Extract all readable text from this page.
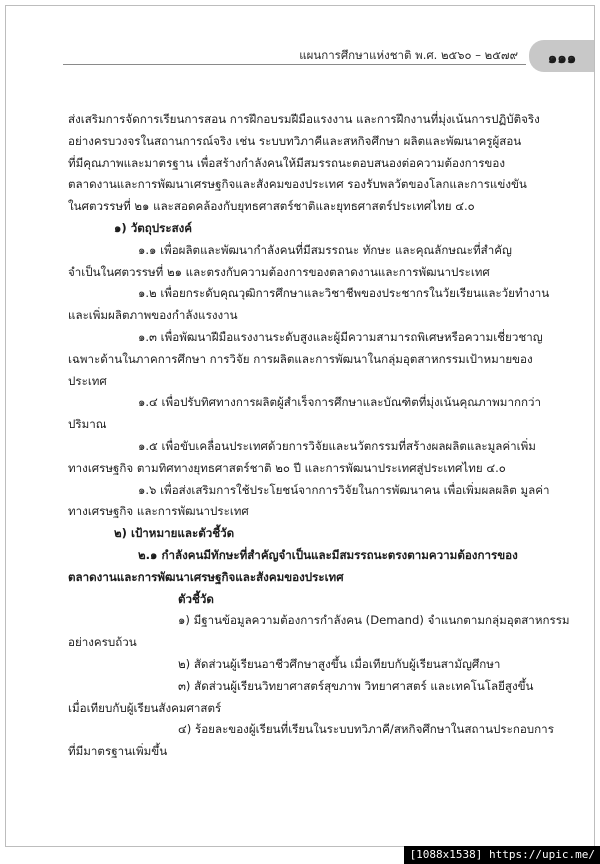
แผนการศึกษาแห่งชาติ พ.ศ. ๒๕๖๐ – ๒๕๗๙	๑๑๑

ส่งเสริมการจัดการเรียนการสอน การฝึกอบรมฝีมือแรงงาน และการฝึกงานที่มุ่งเน้นการปฏิบัติจริง

อย่างครบวงจรในสถานการณ์จริง เช่น ระบบทวิภาคีและสหกิจศึกษา ผลิตและพัฒนาครูผู้สอน

ที่มีคุณภาพและมาตรฐาน เพื่อสร้างกำลังคนให้มีสมรรถนะตอบสนองต่อความต้องการของ

ตลาดงานและการพัฒนาเศรษฐกิจและสังคมของประเทศ รองรับพลวัตของโลกและการแข่งขัน

ในศตวรรษที่ ๒๑ และสอดคล้องกับยุทธศาสตร์ชาติและยุทธศาสตร์ประเทศไทย ๔.๐

๑) วัตถุประสงค์

๑.๑ เพื่อผลิตและพัฒนากำลังคนที่มีสมรรถนะ ทักษะ และคุณลักษณะที่สำคัญ

จำเป็นในศตวรรษที่ ๒๑ และตรงกับความต้องการของตลาดงานและการพัฒนาประเทศ

๑.๒ เพื่อยกระดับคุณวุฒิการศึกษาและวิชาชีพของประชากรในวัยเรียนและวัยทำงาน

และเพิ่มผลิตภาพของกำลังแรงงาน

๑.๓ เพื่อพัฒนาฝีมือแรงงานระดับสูงและผู้มีความสามารถพิเศษหรือความเชี่ยวชาญ

เฉพาะด้านในภาคการศึกษา การวิจัย การผลิตและการพัฒนาในกลุ่มอุตสาหกรรมเป้าหมายของ

ประเทศ

๑.๔ เพื่อปรับทิศทางการผลิตผู้สำเร็จการศึกษาและบัณฑิตที่มุ่งเน้นคุณภาพมากกว่า

ปริมาณ

๑.๕ เพื่อขับเคลื่อนประเทศด้วยการวิจัยและนวัตกรรมที่สร้างผลผลิตและมูลค่าเพิ่ม

ทางเศรษฐกิจ ตามทิศทางยุทธศาสตร์ชาติ ๒๐ ปี และการพัฒนาประเทศสู่ประเทศไทย ๔.๐

๑.๖ เพื่อส่งเสริมการใช้ประโยชน์จากการวิจัยในการพัฒนาคน เพื่อเพิ่มผลผลิต มูลค่า

ทางเศรษฐกิจ และการพัฒนาประเทศ

๒) เป้าหมายและตัวชี้วัด

๒.๑ กำลังคนมีทักษะที่สำคัญจำเป็นและมีสมรรถนะตรงตามความต้องการของ

ตลาดงานและการพัฒนาเศรษฐกิจและสังคมของประเทศ

ตัวชี้วัด

๑) มีฐานข้อมูลความต้องการกำลังคน (Demand) จำแนกตามกลุ่มอุตสาหกรรม

อย่างครบถ้วน

๒) สัดส่วนผู้เรียนอาชีวศึกษาสูงขึ้น เมื่อเทียบกับผู้เรียนสามัญศึกษา

๓) สัดส่วนผู้เรียนวิทยาศาสตร์สุขภาพ วิทยาศาสตร์ และเทคโนโลยีสูงขึ้น

เมื่อเทียบกับผู้เรียนสังคมศาสตร์

๔) ร้อยละของผู้เรียนที่เรียนในระบบทวิภาคี/สหกิจศึกษาในสถานประกอบการ

ที่มีมาตรฐานเพิ่มขึ้น

[1088x1538] https://upic.me/
